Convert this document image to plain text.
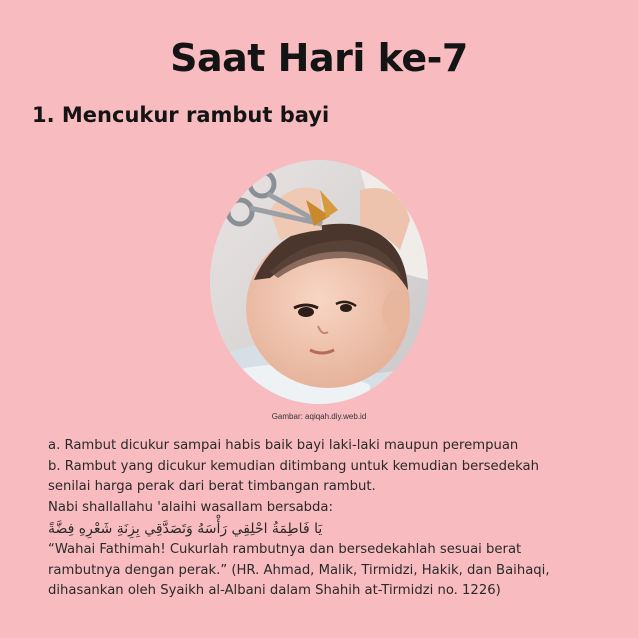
Saat Hari ke-7
1. Mencukur rambut bayi
Gambar: aqiqah.diy.web.id

a. Rambut dicukur sampai habis baik bayi laki-laki maupun perempuan

b. Rambut yang dicukur kemudian ditimbang untuk kemudian bersedekah

senilai harga perak dari berat timbangan rambut.

Nabi shallallahu 'alaihi wasallam bersabda:

يَا فَاطِمَةُ احْلِقِي رَأْسَهُ وَتَصَدَّقِي بِزِنَةِ شَعْرِهِ فِضَّةً

“Wahai Fathimah! Cukurlah rambutnya dan bersedekahlah sesuai berat

rambutnya dengan perak.” (HR. Ahmad, Malik, Tirmidzi, Hakik, dan Baihaqi,

dihasankan oleh Syaikh al-Albani dalam Shahih at-Tirmidzi no. 1226)
